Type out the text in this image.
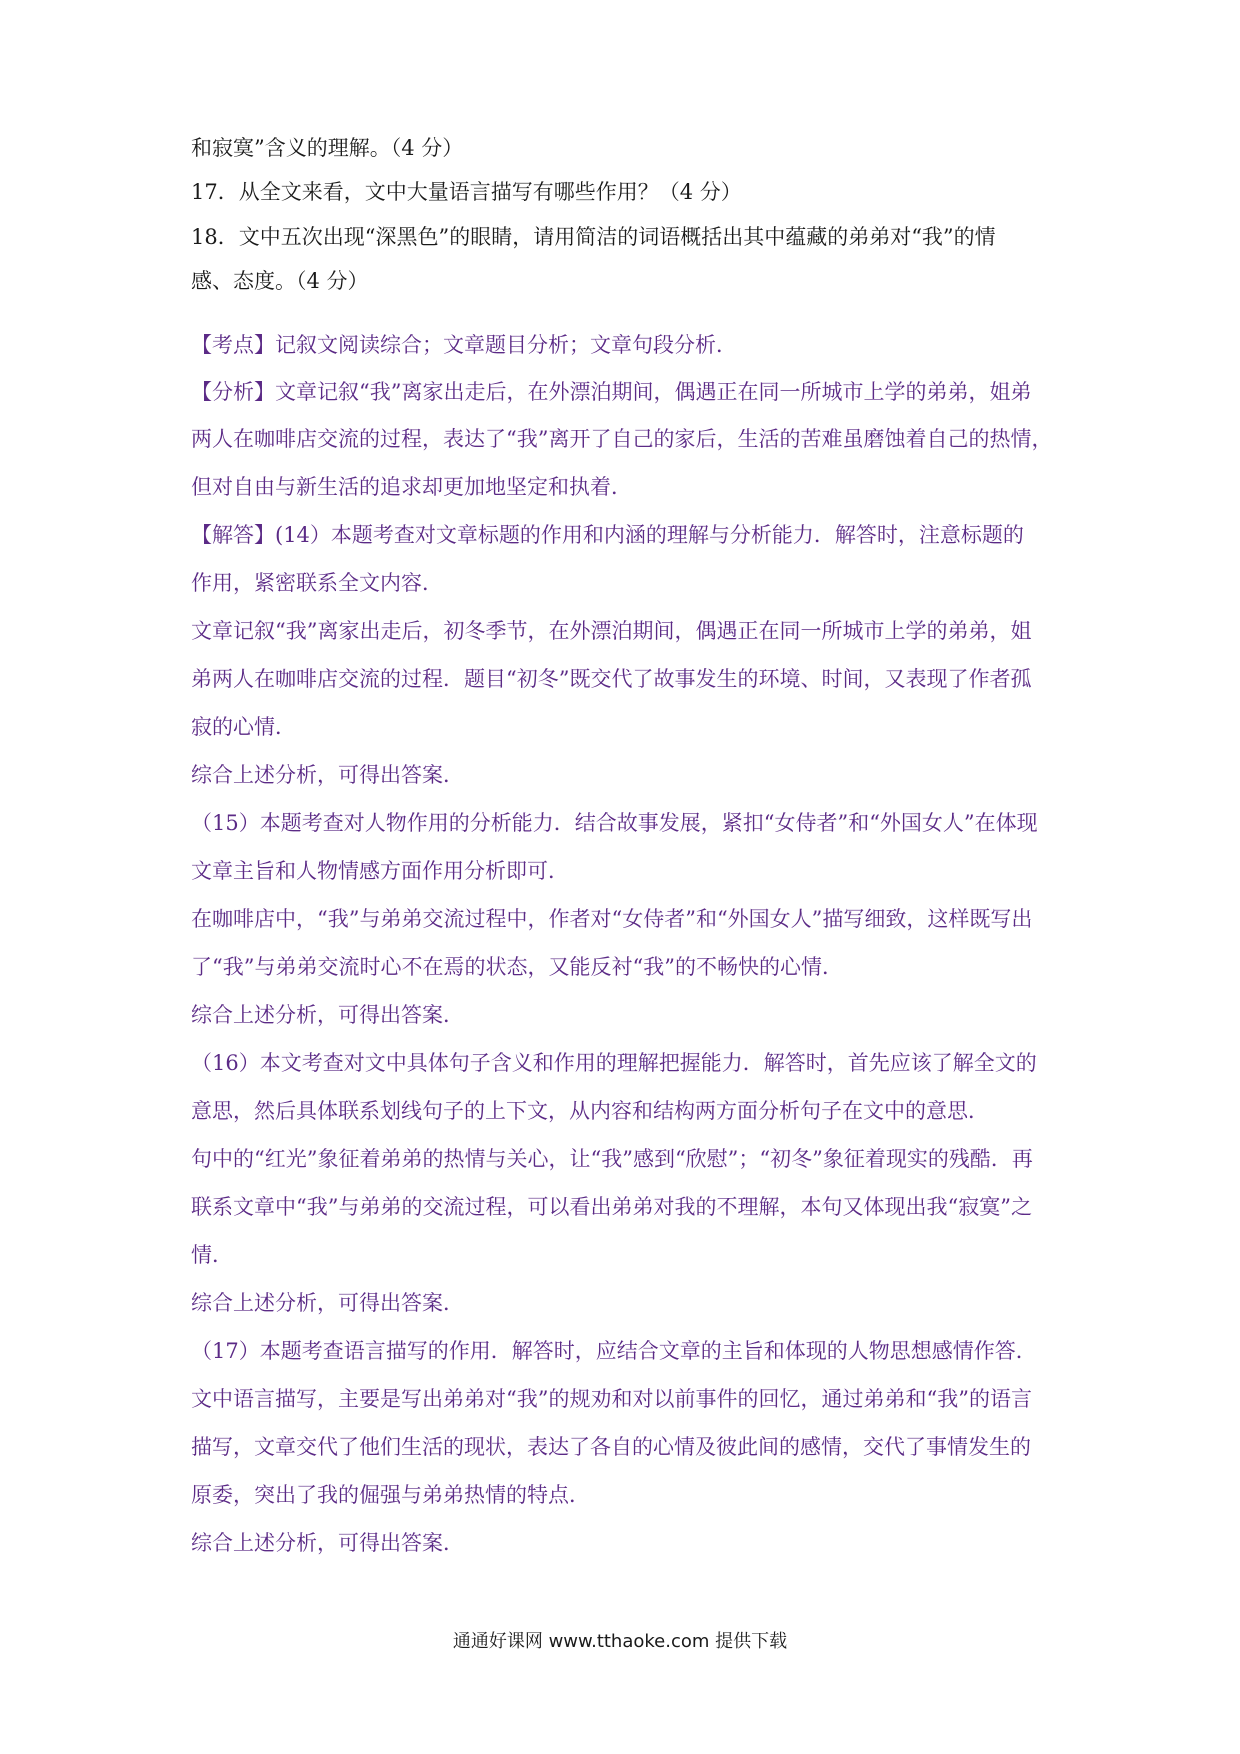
和寂寞”含义的理解。（4 分）
17．从全文来看，文中大量语言描写有哪些作用？（4 分）
18．文中五次出现“深黑色”的眼睛，请用简洁的词语概括出其中蕴藏的弟弟对“我”的情
感、态度。（4 分）
【考点】记叙文阅读综合；文章题目分析；文章句段分析．
【分析】文章记叙“我”离家出走后，在外漂泊期间，偶遇正在同一所城市上学的弟弟，姐弟
两人在咖啡店交流的过程，表达了“我”离开了自己的家后，生活的苦难虽磨蚀着自己的热情，
但对自由与新生活的追求却更加地坚定和执着．
【解答】(14）本题考查对文章标题的作用和内涵的理解与分析能力．解答时，注意标题的
作用，紧密联系全文内容．
文章记叙“我”离家出走后，初冬季节，在外漂泊期间，偶遇正在同一所城市上学的弟弟，姐
弟两人在咖啡店交流的过程．题目“初冬”既交代了故事发生的环境、时间，又表现了作者孤
寂的心情．
综合上述分析，可得出答案．
（15）本题考查对人物作用的分析能力．结合故事发展，紧扣“女侍者”和“外国女人”在体现
文章主旨和人物情感方面作用分析即可．
在咖啡店中，“我”与弟弟交流过程中，作者对“女侍者”和“外国女人”描写细致，这样既写出
了“我”与弟弟交流时心不在焉的状态，又能反衬“我”的不畅快的心情．
综合上述分析，可得出答案．
（16）本文考查对文中具体句子含义和作用的理解把握能力．解答时，首先应该了解全文的
意思，然后具体联系划线句子的上下文，从内容和结构两方面分析句子在文中的意思．
句中的“红光”象征着弟弟的热情与关心，让“我”感到“欣慰”；“初冬”象征着现实的残酷．再
联系文章中“我”与弟弟的交流过程，可以看出弟弟对我的不理解，本句又体现出我“寂寞”之
情．
综合上述分析，可得出答案．
（17）本题考查语言描写的作用．解答时，应结合文章的主旨和体现的人物思想感情作答．
文中语言描写，主要是写出弟弟对“我”的规劝和对以前事件的回忆，通过弟弟和“我”的语言
描写，文章交代了他们生活的现状，表达了各自的心情及彼此间的感情，交代了事情发生的
原委，突出了我的倔强与弟弟热情的特点．
综合上述分析，可得出答案．
通通好课网 www.tthaoke.com 提供下载
